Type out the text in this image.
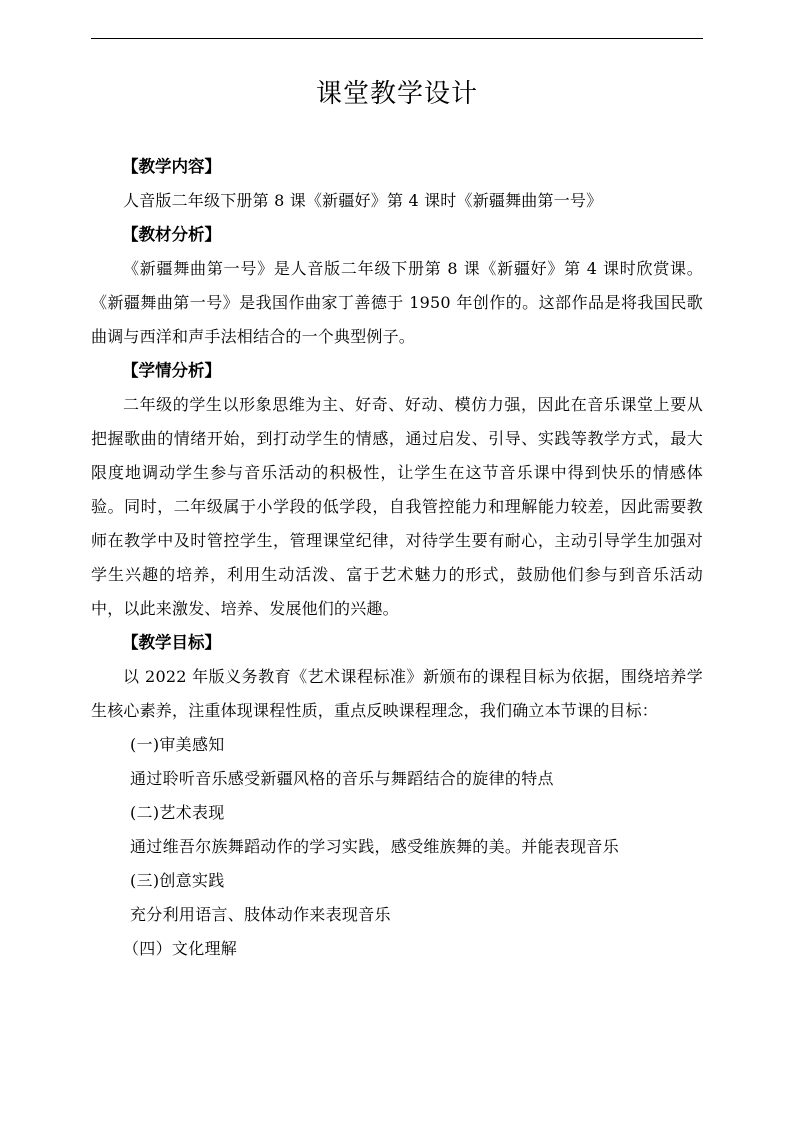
课堂教学设计
【教学内容】

人音版二年级下册第 8 课《新疆好》第 4 课时《新疆舞曲第一号》

【教材分析】

《新疆舞曲第一号》是人音版二年级下册第 8 课《新疆好》第 4 课时欣赏课。《新疆舞曲第一号》是我国作曲家丁善德于 1950 年创作的。这部作品是将我国民歌曲调与西洋和声手法相结合的一个典型例子。

【学情分析】

二年级的学生以形象思维为主、好奇、好动、模仿力强，因此在音乐课堂上要从把握歌曲的情绪开始，到打动学生的情感，通过启发、引导、实践等教学方式，最大限度地调动学生参与音乐活动的积极性，让学生在这节音乐课中得到快乐的情感体验。同时，二年级属于小学段的低学段，自我管控能力和理解能力较差，因此需要教师在教学中及时管控学生，管理课堂纪律，对待学生要有耐心，主动引导学生加强对学生兴趣的培养，利用生动活泼、富于艺术魅力的形式，鼓励他们参与到音乐活动中，以此来激发、培养、发展他们的兴趣。

【教学目标】

以 2022 年版义务教育《艺术课程标准》新颁布的课程目标为依据，围绕培养学生核心素养，注重体现课程性质，重点反映课程理念，我们确立本节课的目标：

(一)审美感知

通过聆听音乐感受新疆风格的音乐与舞蹈结合的旋律的特点

(二)艺术表现

通过维吾尔族舞蹈动作的学习实践，感受维族舞的美。并能表现音乐

(三)创意实践

充分利用语言、肢体动作来表现音乐

（四）文化理解
